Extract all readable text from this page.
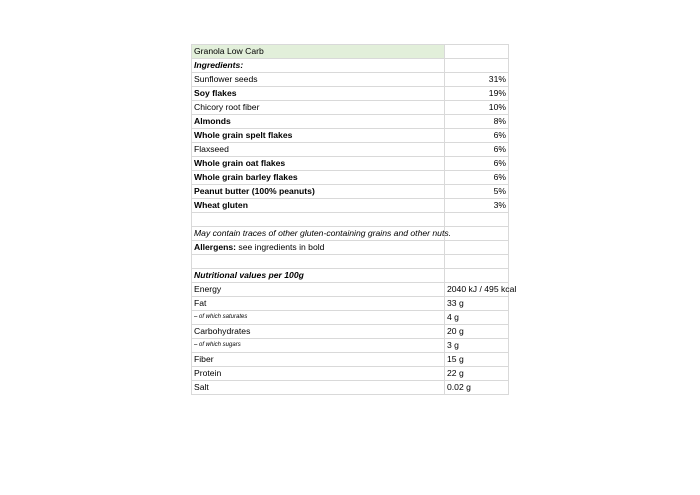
Granola Low Carb
Ingredients:
Sunflower seeds	31%
Soy flakes	19%
Chicory root fiber	10%
Almonds	8%
Whole grain spelt flakes	6%
Flaxseed	6%
Whole grain oat flakes	6%
Whole grain barley flakes	6%
Peanut butter (100% peanuts)	5%
Wheat gluten	3%
May contain traces of other gluten-containing grains and other nuts.
Allergens: see ingredients in bold
Nutritional values per 100g
Energy	2040 kJ / 495 kcal
Fat	33 g
– of which saturates	4 g
Carbohydrates	20 g
– of which sugars	3 g
Fiber	15 g
Protein	22 g
Salt	0.02 g
